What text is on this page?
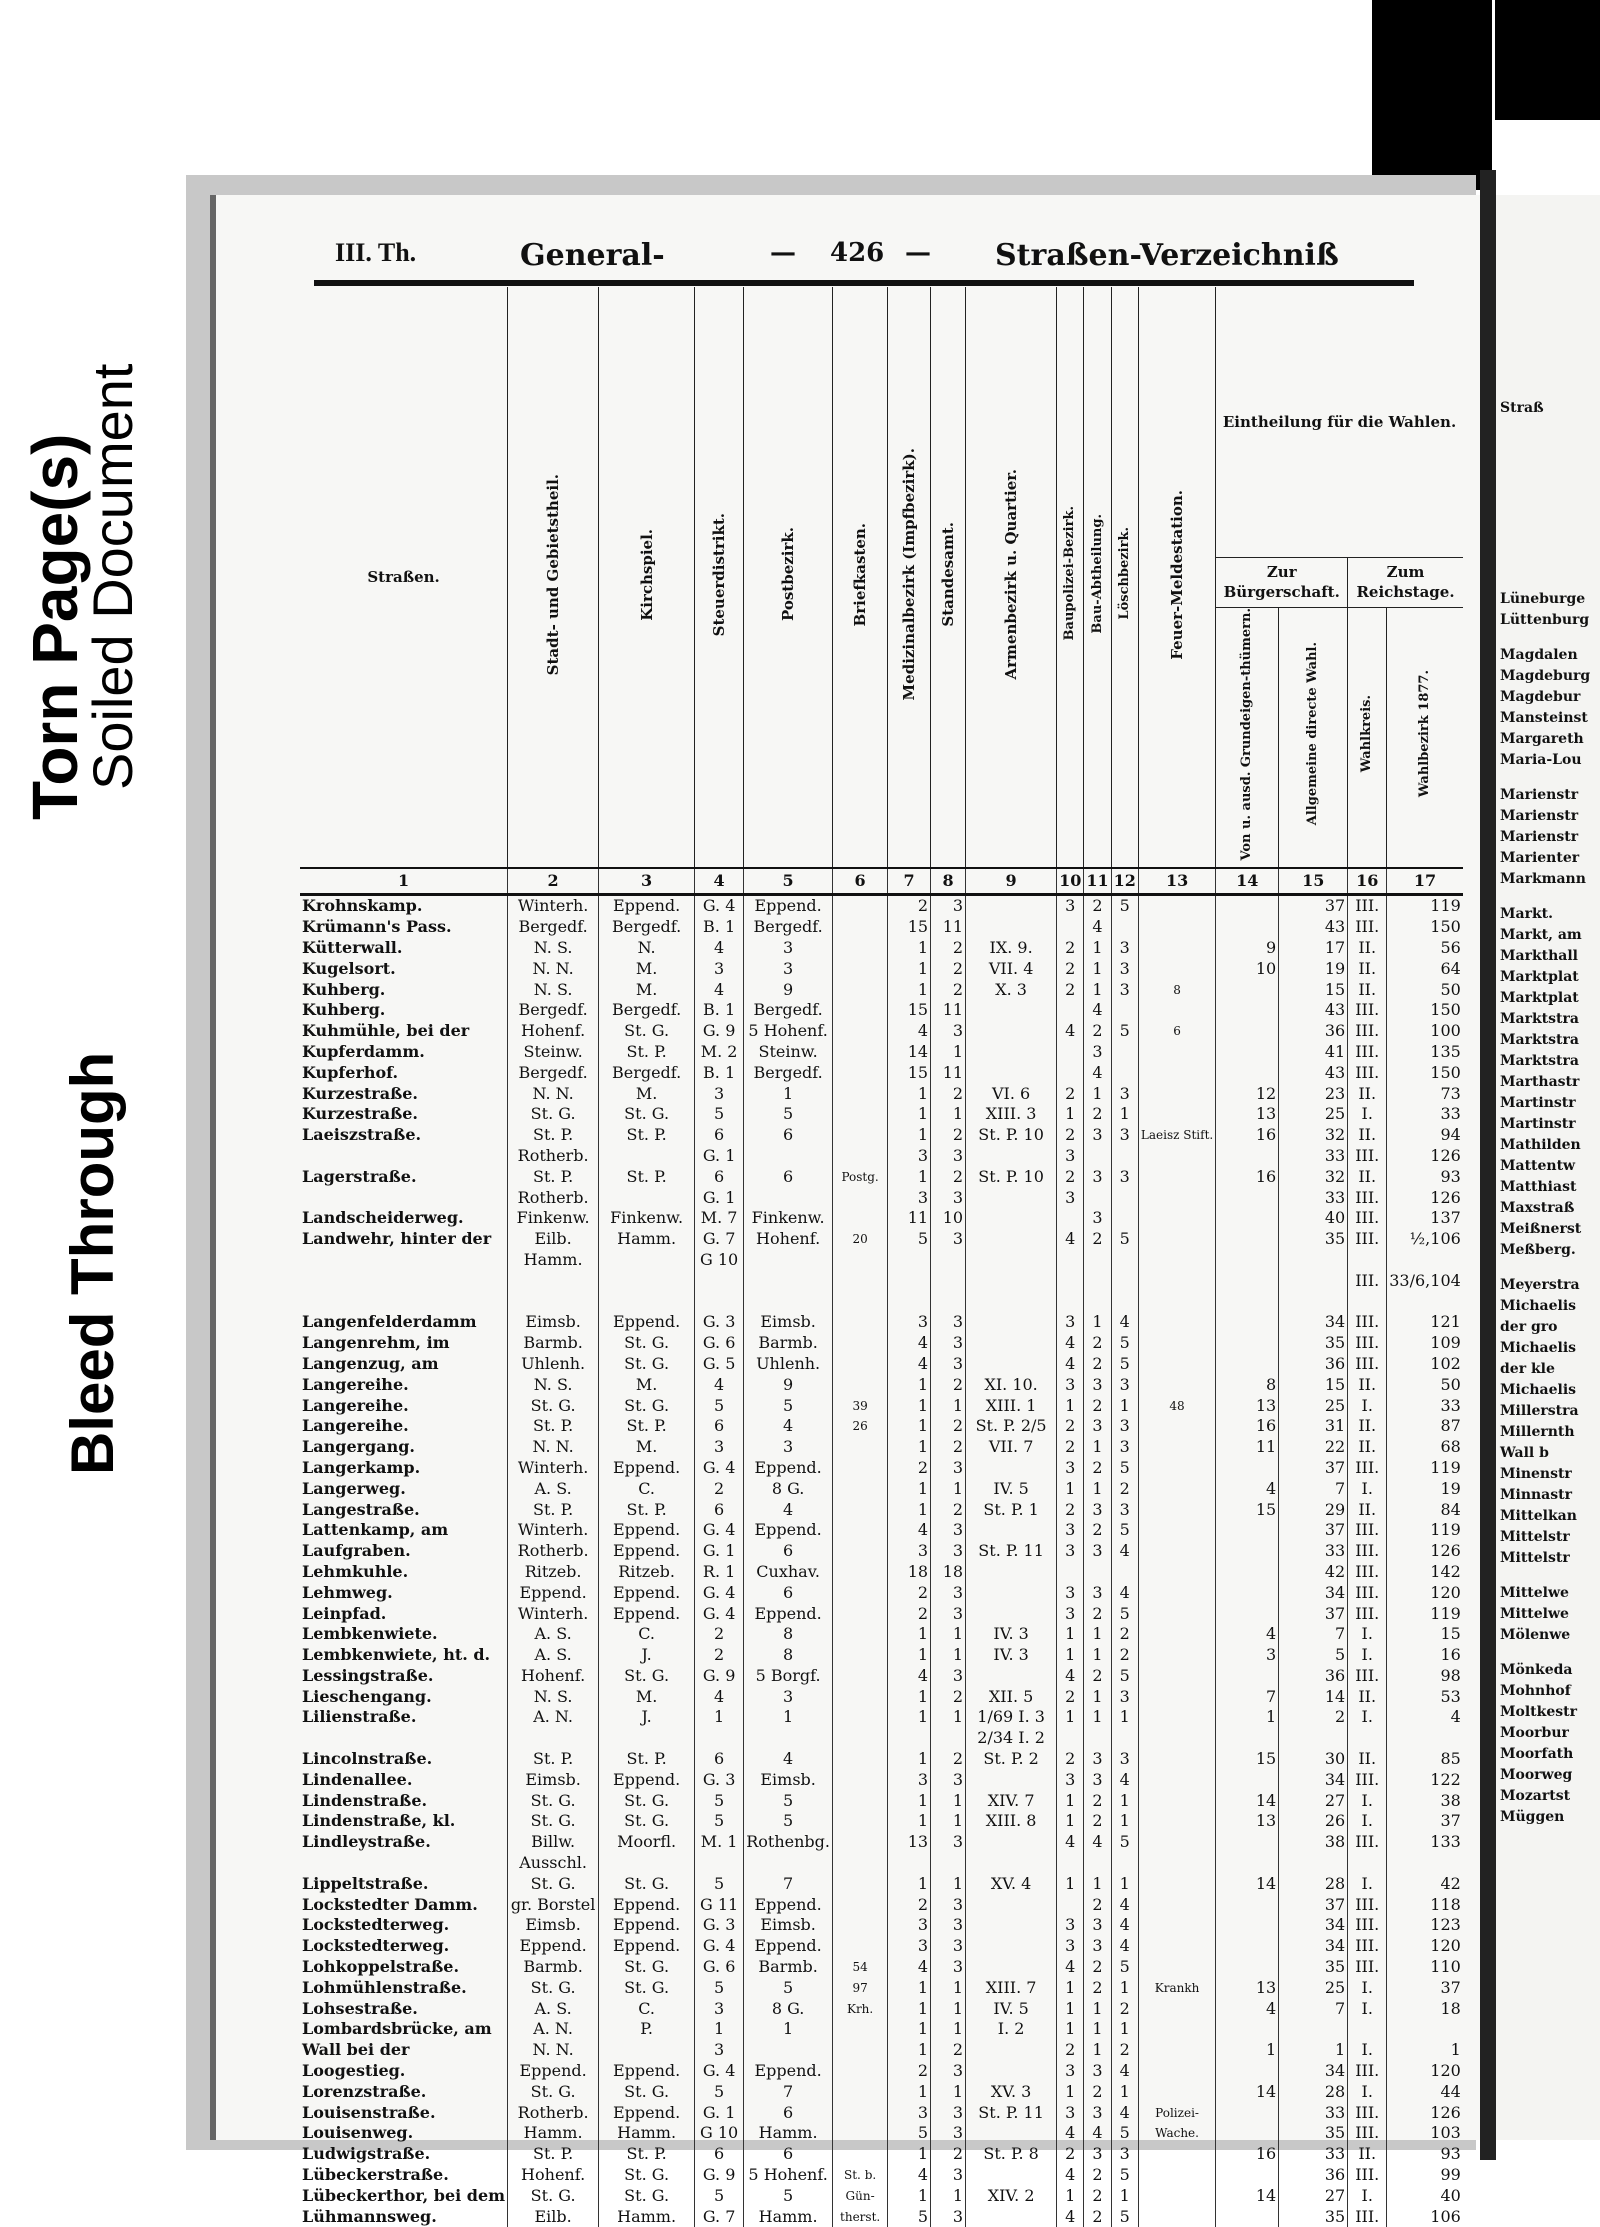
Torn Page(s)
Soiled Document
Bleed Through
III. Th.	General-	— 426 — Straßen-Verzeichniß
Straßen.	Stadt- und Gebietstheil.	Kirchspiel.	Steuerdistrikt.	Postbezirk.	Briefkasten.	Medizinalbezirk (Impfbezirk).	Standesamt.	Armenbezirk u. Quartier.	Baupolizei-Bezirk.	Bau-Abtheilung.	Löschbezirk.	Feuer-Meldestation.	Eintheilung für die Wahlen.			
													Zur Bürgerschaft.		Zum Reichstage.	
													Von u. ausd. Grundeigen-thümern.	Allgemeine directe Wahl.	Wahlkreis.	Wahlbezirk 1877.
1	2	3	4	5	6	7	8	9	10	11	12	13	14	15	16	17
Krohnskamp.	Winterh.	Eppend.	G. 4	Eppend.		2	3		3	2	5			37	III.	119
Krümann's Pass.	Bergedf.	Bergedf.	B. 1	Bergedf.		15	11			4				43	III.	150
Kütterwall.	N. S.	N.	4	3		1	2	IX. 9.	2	1	3		9	17	II.	56
Kugelsort.	N. N.	M.	3	3		1	2	VII. 4	2	1	3		10	19	II.	64
Kuhberg.	N. S.	M.	4	9		1	2	X. 3	2	1	3	8		15	II.	50
Kuhberg.	Bergedf.	Bergedf.	B. 1	Bergedf.		15	11			4				43	III.	150
Kuhmühle, bei der	Hohenf.	St. G.	G. 9	5 Hohenf.		4	3		4	2	5	6		36	III.	100
Kupferdamm.	Steinw.	St. P.	M. 2	Steinw.		14	1			3				41	III.	135
Kupferhof.	Bergedf.	Bergedf.	B. 1	Bergedf.		15	11			4				43	III.	150
Kurzestraße.	N. N.	M.	3	1		1	2	VI. 6	2	1	3		12	23	II.	73
Kurzestraße.	St. G.	St. G.	5	5		1	1	XIII. 3	1	2	1		13	25	I.	33
Laeiszstraße.	St. P.	St. P.	6	6		1	2	St. P. 10	2	3	3	Laeisz Stift.	16	32	II.	94
	Rotherb.		G. 1			3	3		3					33	III.	126
Lagerstraße.	St. P.	St. P.	6	6	Postg.	1	2	St. P. 10	2	3	3		16	32	II.	93
	Rotherb.		G. 1			3	3		3					33	III.	126
Landscheiderweg.	Finkenw.	Finkenw.	M. 7	Finkenw.		11	10			3				40	III.	137
Landwehr, hinter der	Eilb.	Hamm.	G. 7	Hohenf.	20	5	3		4	2	5			35	III.	½,106
	Hamm.		G 10													
															III.	33/6,104

Langenfelderdamm	Eimsb.	Eppend.	G. 3	Eimsb.		3	3		3	1	4			34	III.	121
Langenrehm, im	Barmb.	St. G.	G. 6	Barmb.		4	3		4	2	5			35	III.	109
Langenzug, am	Uhlenh.	St. G.	G. 5	Uhlenh.		4	3		4	2	5			36	III.	102
Langereihe.	N. S.	M.	4	9		1	2	XI. 10.	3	3	3		8	15	II.	50
Langereihe.	St. G.	St. G.	5	5	39	1	1	XIII. 1	1	2	1	48	13	25	I.	33
Langereihe.	St. P.	St. P.	6	4	26	1	2	St. P. 2/5	2	3	3		16	31	II.	87
Langergang.	N. N.	M.	3	3		1	2	VII. 7	2	1	3		11	22	II.	68
Langerkamp.	Winterh.	Eppend.	G. 4	Eppend.		2	3		3	2	5			37	III.	119
Langerweg.	A. S.	C.	2	8 G.		1	1	IV. 5	1	1	2		4	7	I.	19
Langestraße.	St. P.	St. P.	6	4		1	2	St. P. 1	2	3	3		15	29	II.	84
Lattenkamp, am	Winterh.	Eppend.	G. 4	Eppend.		4	3		3	2	5			37	III.	119
Laufgraben.	Rotherb.	Eppend.	G. 1	6		3	3	St. P. 11	3	3	4			33	III.	126
Lehmkuhle.	Ritzeb.	Ritzeb.	R. 1	Cuxhav.		18	18							42	III.	142
Lehmweg.	Eppend.	Eppend.	G. 4	6		2	3		3	3	4			34	III.	120
Leinpfad.	Winterh.	Eppend.	G. 4	Eppend.		2	3		3	2	5			37	III.	119
Lembkenwiete.	A. S.	C.	2	8		1	1	IV. 3	1	1	2		4	7	I.	15
Lembkenwiete, ht. d.	A. S.	J.	2	8		1	1	IV. 3	1	1	2		3	5	I.	16
Lessingstraße.	Hohenf.	St. G.	G. 9	5 Borgf.		4	3		4	2	5			36	III.	98
Lieschengang.	N. S.	M.	4	3		1	2	XII. 5	2	1	3		7	14	II.	53
Lilienstraße.	A. N.	J.	1	1		1	1	1/69 I. 3	1	1	1		1	2	I.	4
								2/34 I. 2								
Lincolnstraße.	St. P.	St. P.	6	4		1	2	St. P. 2	2	3	3		15	30	II.	85
Lindenallee.	Eimsb.	Eppend.	G. 3	Eimsb.		3	3		3	3	4			34	III.	122
Lindenstraße.	St. G.	St. G.	5	5		1	1	XIV. 7	1	2	1		14	27	I.	38
Lindenstraße, kl.	St. G.	St. G.	5	5		1	1	XIII. 8	1	2	1		13	26	I.	37
Lindleystraße.	Billw.	Moorfl.	M. 1	Rothenbg.		13	3		4	4	5			38	III.	133
	Ausschl.															
Lippeltstraße.	St. G.	St. G.	5	7		1	1	XV. 4	1	1	1		14	28	I.	42
Lockstedter Damm.	gr. Borstel	Eppend.	G 11	Eppend.		2	3			2	4			37	III.	118
Lockstedterweg.	Eimsb.	Eppend.	G. 3	Eimsb.		3	3		3	3	4			34	III.	123
Lockstedterweg.	Eppend.	Eppend.	G. 4	Eppend.		3	3		3	3	4			34	III.	120
Lohkoppelstraße.	Barmb.	St. G.	G. 6	Barmb.	54	4	3		4	2	5			35	III.	110
Lohmühlenstraße.	St. G.	St. G.	5	5	97	1	1	XIII. 7	1	2	1	Krankh	13	25	I.	37
Lohsestraße.	A. S.	C.	3	8 G.	Krh.	1	1	IV. 5	1	1	2		4	7	I.	18
Lombardsbrücke, am	A. N.	P.	1	1		1	1	I. 2	1	1	1					
Wall bei der	N. N.		3			1	2		2	1	2		1	1	I.	1
Loogestieg.	Eppend.	Eppend.	G. 4	Eppend.		2	3		3	3	4			34	III.	120
Lorenzstraße.	St. G.	St. G.	5	7		1	1	XV. 3	1	2	1		14	28	I.	44
Louisenstraße.	Rotherb.	Eppend.	G. 1	6		3	3	St. P. 11	3	3	4	Polizei-		33	III.	126
Louisenweg.	Hamm.	Hamm.	G 10	Hamm.		5	3		4	4	5	Wache.		35	III.	103
Ludwigstraße.	St. P.	St. P.	6	6		1	2	St. P. 8	2	3	3		16	33	II.	93
Lübeckerstraße.	Hohenf.	St. G.	G. 9	5 Hohenf.	St. b.	4	3		4	2	5			36	III.	99
Lübeckerthor, bei dem	St. G.	St. G.	5	5	Gün-	1	1	XIV. 2	1	2	1		14	27	I.	40
Lühmannsweg.	Eilb.	Hamm.	G. 7	Hamm.	therst.	5	3		4	2	5			35	III.	106
Straß
Lüneburge
Lüttenburg
Magdalen
Magdeburg
Magdebur
Mansteinst
Margareth
Maria-Lou
Marienstr
Marienstr
Marienstr
Marienter
Markmann
Markt.
Markt, am
Markthall
Marktplat
Marktplat
Marktstra
Marktstra
Marktstra
Marthastr
Martinstr
Martinstr
Mathilden
Mattentw
Matthiast
Maxstraß
Meißnerst
Meßberg.
Meyerstra
Michaelis
der gro
Michaelis
der kle
Michaelis
Millerstra
Millernth
Wall b
Minenstr
Minnastr
Mittelkan
Mittelstr
Mittelstr
Mittelwe
Mittelwe
Mölenwe
Mönkeda
Mohnhof
Moltkestr
Moorbur
Moorfath
Moorweg
Mozartst
Müggen
